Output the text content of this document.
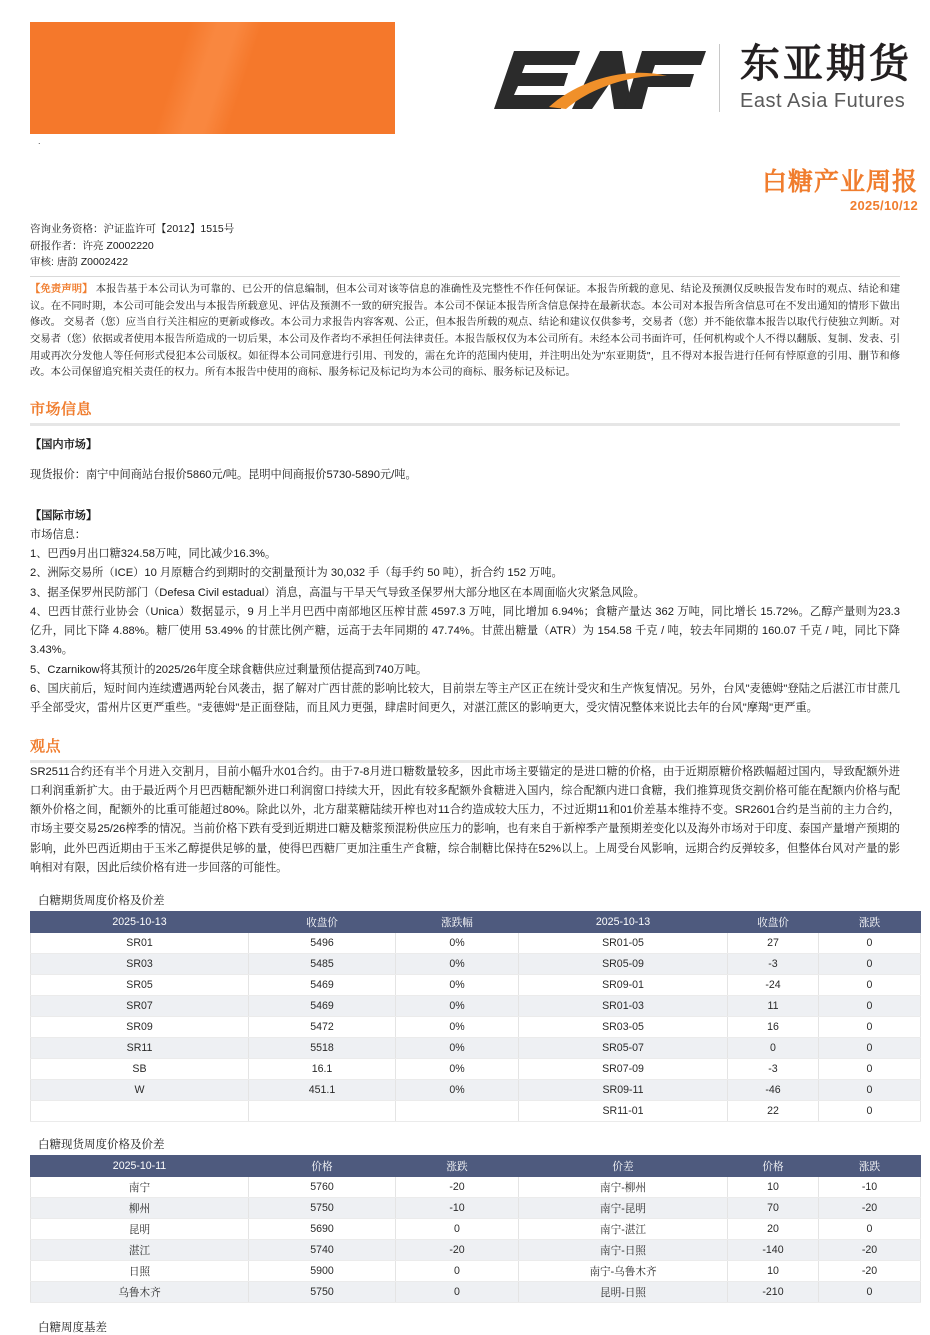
东亚期货
East Asia Futures
.
白糖产业周报
2025/10/12
咨询业务资格：沪证监许可【2012】1515号
研报作者：许亮 Z0002220
审核: 唐韵 Z0002422
【免责声明】 本报告基于本公司认为可靠的、已公开的信息编制，但本公司对该等信息的准确性及完整性不作任何保证。本报告所载的意见、结论及预测仅反映报告发布时的观点、结论和建议。在不同时期，本公司可能会发出与本报告所载意见、评估及预测不一致的研究报告。本公司不保证本报告所含信息保持在最新状态。本公司对本报告所含信息可在不发出通知的情形下做出修改。 交易者（您）应当自行关注相应的更新或修改。本公司力求报告内容客观、公正，但本报告所载的观点、结论和建议仅供参考，交易者（您）并不能依靠本报告以取代行使独立判断。对交易者（您）依据或者使用本报告所造成的一切后果，本公司及作者均不承担任何法律责任。本报告版权仅为本公司所有。未经本公司书面许可，任何机构或个人不得以翻版、复制、发表、引用或再次分发他人等任何形式侵犯本公司版权。如征得本公司同意进行引用、刊发的，需在允许的范围内使用，并注明出处为"东亚期货"，且不得对本报告进行任何有悖原意的引用、删节和修改。本公司保留追究相关责任的权力。所有本报告中使用的商标、服务标记及标记均为本公司的商标、服务标记及标记。
市场信息
【国内市场】
现货报价：南宁中间商站台报价5860元/吨。昆明中间商报价5730-5890元/吨。
【国际市场】
市场信息：
1、巴西9月出口糖324.58万吨，同比减少16.3%。
2、洲际交易所（ICE）10 月原糖合约到期时的交割量预计为 30,032 手（每手约 50 吨），折合约 152 万吨。
3、据圣保罗州民防部门（Defesa Civil estadual）消息，高温与干旱天气导致圣保罗州大部分地区在本周面临火灾紧急风险。
4、巴西甘蔗行业协会（Unica）数据显示，9 月上半月巴西中南部地区压榨甘蔗 4597.3 万吨，同比增加 6.94%；食糖产量达 362 万吨，同比增长 15.72%。乙醇产量则为23.3 亿升，同比下降 4.88%。糖厂使用 53.49% 的甘蔗比例产糖，远高于去年同期的 47.74%。甘蔗出糖量（ATR）为 154.58 千克 / 吨，较去年同期的 160.07 千克 / 吨，同比下降 3.43%。
5、Czarnikow将其预计的2025/26年度全球食糖供应过剩量预估提高到740万吨。
6、国庆前后，短时间内连续遭遇两轮台风袭击，据了解对广西甘蔗的影响比较大，目前崇左等主产区正在统计受灾和生产恢复情况。另外，台风"麦德姆"登陆之后湛江市甘蔗几乎全部受灾，雷州片区更严重些。"麦德姆"是正面登陆，而且风力更强，肆虐时间更久，对湛江蔗区的影响更大，受灾情况整体来说比去年的台风"摩羯"更严重。
观点
SR2511合约还有半个月进入交割月，目前小幅升水01合约。由于7-8月进口糖数量较多，因此市场主要锚定的是进口糖的价格，由于近期原糖价格跌幅超过国内，导致配额外进口利润重新扩大。由于最近两个月巴西糖配额外进口利润窗口持续大开，因此有较多配额外食糖进入国内，综合配额内进口食糖，我们推算现货交割价格可能在配额内价格与配额外价格之间，配额外的比重可能超过80%。除此以外，北方甜菜糖陆续开榨也对11合约造成较大压力，不过近期11和01价差基本维持不变。SR2601合约是当前的主力合约，市场主要交易25/26榨季的情况。当前价格下跌有受到近期进口糖及糖浆预混粉供应压力的影响，也有来自于新榨季产量预期差变化以及海外市场对于印度、泰国产量增产预期的影响，此外巴西近期由于玉米乙醇提供足够的量，使得巴西糖厂更加注重生产食糖，综合制糖比保持在52%以上。上周受台风影响，远期合约反弹较多，但整体台风对产量的影响相对有限，因此后续价格有进一步回落的可能性。
白糖期货周度价格及价差
2025-10-13	收盘价	涨跌幅	2025-10-13	收盘价	涨跌
SR01	5496	0%	SR01-05	27	0
SR03	5485	0%	SR05-09	-3	0
SR05	5469	0%	SR09-01	-24	0
SR07	5469	0%	SR01-03	11	0
SR09	5472	0%	SR03-05	16	0
SR11	5518	0%	SR05-07	0	0
SB	16.1	0%	SR07-09	-3	0
W	451.1	0%	SR09-11	-46	0
			SR11-01	22	0
白糖现货周度价格及价差
2025-10-11	价格	涨跌	价差	价格	涨跌
南宁	5760	-20	南宁-柳州	10	-10
柳州	5750	-10	南宁-昆明	70	-20
昆明	5690	0	南宁-湛江	20	0
湛江	5740	-20	南宁-日照	-140	-20
日照	5900	0	南宁-乌鲁木齐	10	-20
乌鲁木齐	5750	0	昆明-日照	-210	0
白糖周度基差
